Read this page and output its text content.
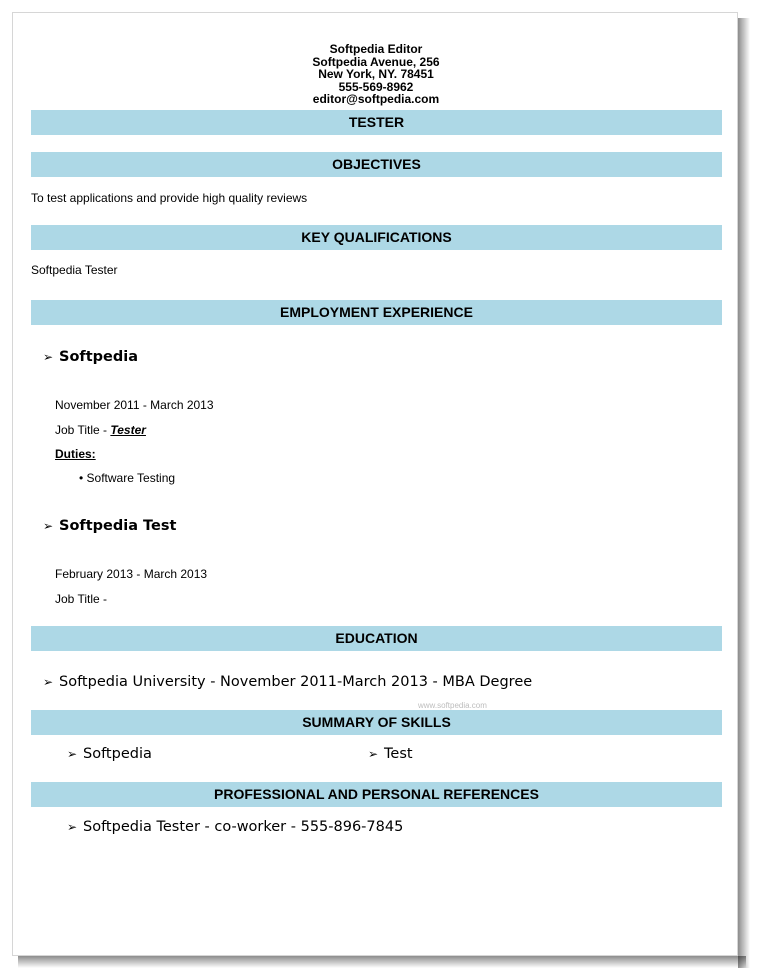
Softpedia Editor
Softpedia Avenue, 256
New York, NY. 78451
555-569-8962
editor@softpedia.com
TESTER
OBJECTIVES
To test applications and provide high quality reviews
KEY QUALIFICATIONS
Softpedia Tester
EMPLOYMENT EXPERIENCE
➢ Softpedia
November 2011 - March 2013
Job Title - Tester
Duties:
• Software Testing
➢ Softpedia Test
February 2013 - March 2013
Job Title -
EDUCATION
➢ Softpedia University - November 2011-March 2013 - MBA Degree
www.softpedia.com
SUMMARY OF SKILLS
➢ Softpedia	➢ Test
PROFESSIONAL AND PERSONAL REFERENCES
➢ Softpedia Tester - co-worker - 555-896-7845
